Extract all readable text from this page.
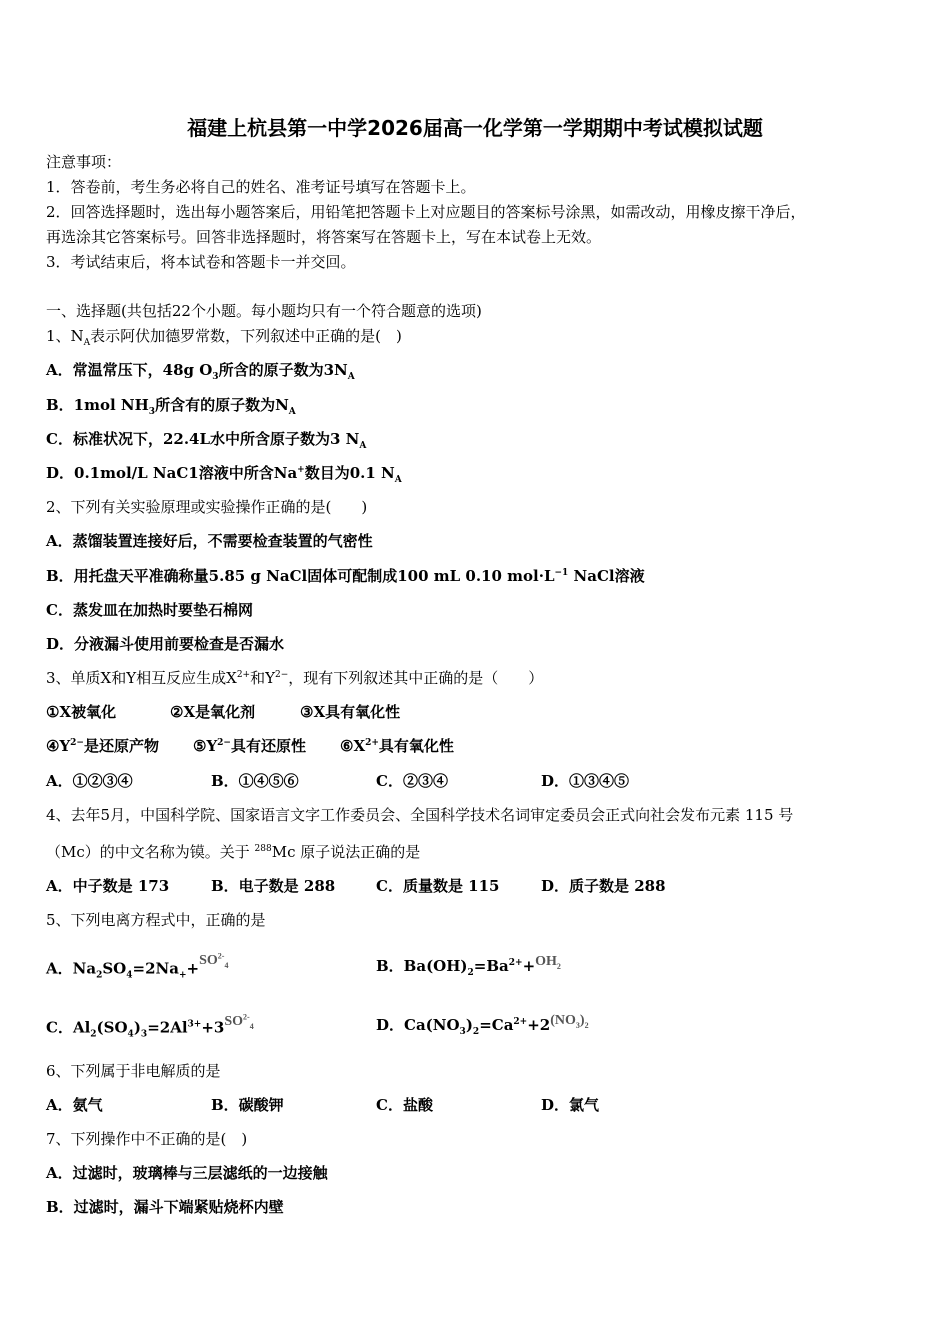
福建上杭县第一中学2026届高一化学第一学期期中考试模拟试题
注意事项：
1．答卷前，考生务必将自己的姓名、准考证号填写在答题卡上。
2．回答选择题时，选出每小题答案后，用铅笔把答题卡上对应题目的答案标号涂黑，如需改动，用橡皮擦干净后，
再选涂其它答案标号。回答非选择题时，将答案写在答题卡上，写在本试卷上无效。
3．考试结束后，将本试卷和答题卡一并交回。
一、选择题(共包括22个小题。每小题均只有一个符合题意的选项)
1、$N_A$表示阿伏加德罗常数，下列叙述中正确的是(　)
A．常温常压下，48g $O_3$所含的原子数为$3N_A$
B．1mol $NH_3$所含有的原子数为$N_A$
C．标准状况下，22.4L水中所含原子数为3 $N_A$
D．0.1mol/L NaC1溶液中所含Na+数目为0.1 $N_A$
2、下列有关实验原理或实验操作正确的是(　　)
A．蒸馏装置连接好后，不需要检查装置的气密性
B．用托盘天平准确称量5.85 g NaCl固体可配制成100 mL 0.10 $mol\cdot L^{-1}$ NaCl溶液
C．蒸发皿在加热时要垫石棉网
D．分液漏斗使用前要检查是否漏水
3、单质X和Y相互反应生成$X^{2+}$和$Y^{2-}$，现有下列叙述其中正确的是（　　）
①X被氧化	②X是氧化剂	③X具有氧化性
$④Y^{2-}$是还原产物 $⑤Y^{2-}$具有还原性 $⑥X^{2+}$具有氧化性
A．①②③④	B．①④⑤⑥	C．②③④	D．①③④⑤
4、去年5月，中国科学院、国家语言文字工作委员会、全国科学技术名词审定委员会正式向社会发布元素 115 号
（Mc）的中文名称为镆。关于 $^{288}$Mc 原子说法正确的是
A．中子数是 173	B．电子数是 288	C．质量数是 115	D．质子数是 288
5、下列电离方程式中，正确的是
A．$Na_2SO_4=2Na_++SO^{2-}_4$	B．$Ba(OH)_2=Ba^{2+}+OH_2$
C．$Al_2(SO_4)_3=2Al^{3+}+3SO^{2-}_4$	D．$Ca(NO_3)_2=Ca^{2+}+2(NO_3)_2$
6、下列属于非电解质的是
A．氨气	B．碳酸钾	C．盐酸	D．氯气
7、下列操作中不正确的是(　)
A．过滤时，玻璃棒与三层滤纸的一边接触
B．过滤时，漏斗下端紧贴烧杯内壁
